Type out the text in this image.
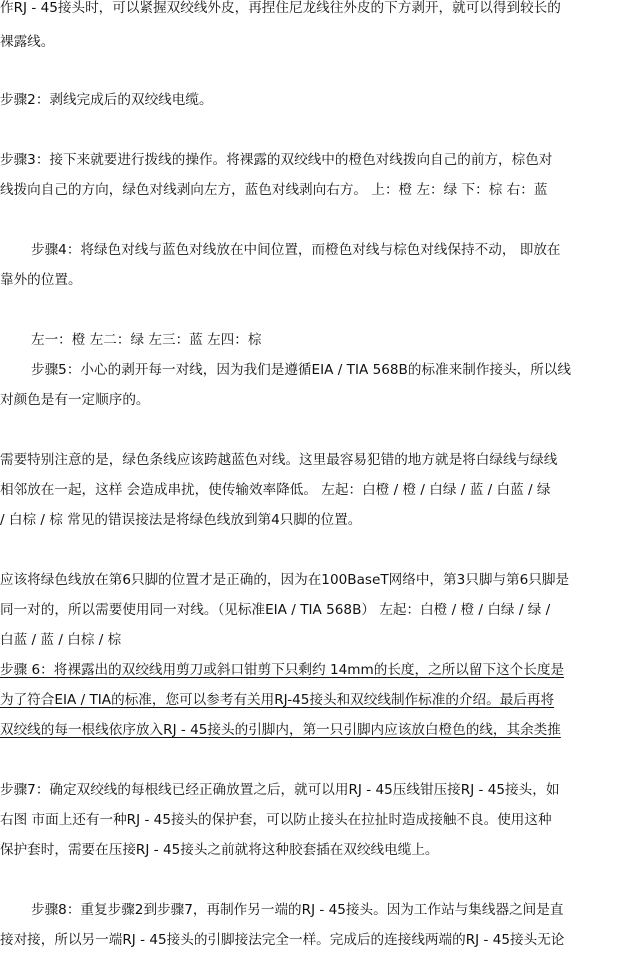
作RJ - 45接头时，可以紧握双绞线外皮，再捏住尼龙线往外皮的下方剥开，就可以得到较长的
裸露线。
步骤2：剥线完成后的双绞线电缆。
步骤3：接下来就要进行拨线的操作。将裸露的双绞线中的橙色对线拨向自己的前方，棕色对
线拨向自己的方向，绿色对线剥向左方，蓝色对线剥向右方。 上：橙 左：绿 下：棕 右：蓝
步骤4：将绿色对线与蓝色对线放在中间位置，而橙色对线与棕色对线保持不动， 即放在
靠外的位置。
左一：橙 左二：绿 左三：蓝 左四：棕
步骤5：小心的剥开每一对线，因为我们是遵循EIA / TIA 568B的标准来制作接头，所以线
对颜色是有一定顺序的。
需要特别注意的是，绿色条线应该跨越蓝色对线。这里最容易犯错的地方就是将白绿线与绿线
相邻放在一起，这样 会造成串扰，使传输效率降低。 左起：白橙 / 橙 / 白绿 / 蓝 / 白蓝 / 绿
/ 白棕 / 棕 常见的错误接法是将绿色线放到第4只脚的位置。
应该将绿色线放在第6只脚的位置才是正确的，因为在100BaseT网络中，第3只脚与第6只脚是
同一对的，所以需要使用同一对线。（见标准EIA / TIA 568B） 左起：白橙 / 橙 / 白绿 / 绿 /
白蓝 / 蓝 / 白棕 / 棕
步骤 6：将裸露出的双绞线用剪刀或斜口钳剪下只剩约 14mm的长度，之所以留下这个长度是
为了符合EIA / TIA的标准，您可以参考有关用RJ-45接头和双绞线制作标准的介绍。最后再将
双绞线的每一根线依序放入RJ - 45接头的引脚内，第一只引脚内应该放白橙色的线，其余类推
步骤7：确定双绞线的每根线已经正确放置之后，就可以用RJ - 45压线钳压接RJ - 45接头，如
右图 市面上还有一种RJ - 45接头的保护套，可以防止接头在拉扯时造成接触不良。使用这种
保护套时，需要在压接RJ - 45接头之前就将这种胶套插在双绞线电缆上。
步骤8：重复步骤2到步骤7，再制作另一端的RJ - 45接头。因为工作站与集线器之间是直
接对接，所以另一端RJ - 45接头的引脚接法完全一样。完成后的连接线两端的RJ - 45接头无论
